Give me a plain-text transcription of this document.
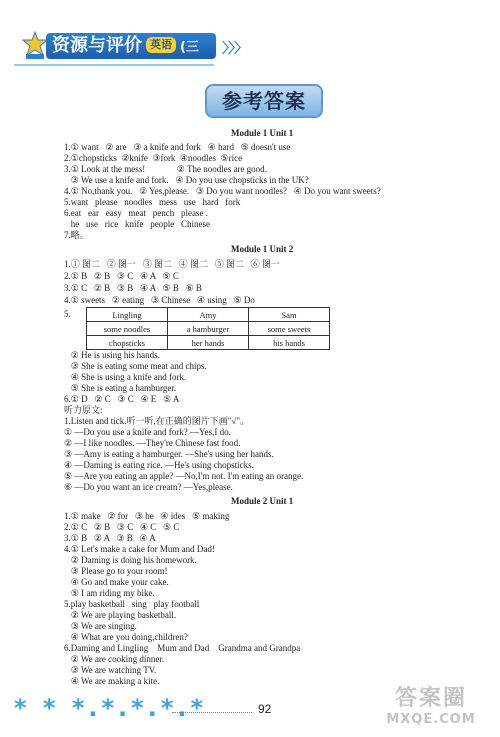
资源与评价 英语 (三起)(外研版)
〉〉〉
参考答案
Module 1 Unit 1
1.① want   ② are   ③ a knife and fork   ④ hard   ⑤ doesn't use
2.①chopsticks  ②knife  ③fork  ④noodles  ⑤rice
3.① Look at the mess!              ② The noodles are good.
③ We use a knife and fork.   ④ Do you use chopsticks in the UK?
4.① No,thank you.   ② Yes,please.   ③ Do you want noodles?   ④ Do you want sweets?
5.want   please   noodles   mess   use   hard   fork
6.eat   ear   easy   meat   pench   please .
he   use   rice   knife   people   Chinese
7.略。
Module 1 Unit 2
1.① 图二   ② 图一   ③ 图二   ④ 图二   ⑤ 图二   ⑥ 图一
2.① B   ② B   ③ C   ④ A   ⑤ C
3.① C   ② B   ③ B   ④ A   ⑤ B   ⑥ B
4.① sweets   ② eating   ③ Chinese   ④ using   ⑤ Do
5.	Lingling	Amy	Sam
some noodles	a hamburger	some sweets
chopsticks	her hands	his hands
② He is using his hands.
③ She is eating some meat and chips.
④ She is using a knife and fork.
⑤ She is eating a hamburger.
6.① D   ② C   ③ C   ④ E   ⑤ A
听力原文:
1.Listen and tick.听一听,在正确的图片下画"√"。
① —Do you use a knife and fork? —Yes,I do.
② —I like noodles. —They're Chinese fast food.
③ —Amy is eating a hamburger. —She's using her hands.
④ —Daming is eating rice. —He's using chopsticks.
⑤ —Are you eating an apple? —No,I'm not. I'm eating an orange.
⑥ —Do you want an ice cream? —Yes,please.
Module 2 Unit 1
1.① make   ② for   ③ be   ④ ides   ⑤ making
2.① C   ② B   ③ C   ④ C   ⑤ C
3.① B   ② A   ③ B   ④ A
4.① Let's make a cake for Mum and Dad!
② Daming is doing his homework.
③ Please go to your room!
④ Go and make your cake.
⑤ I am riding my bike.
5.play basketball   sing   play football
② We are playing basketball.
③ We are singing.
④ What are you doing,children?
6.Daming and Lingling    Mum and Dad    Grandma and Grandpa
② We are cooking dinner.
③ We are watching TV.
④ We are making a kite.
* * *.*.*.*.*	92	答案圈
MXQE.COM
